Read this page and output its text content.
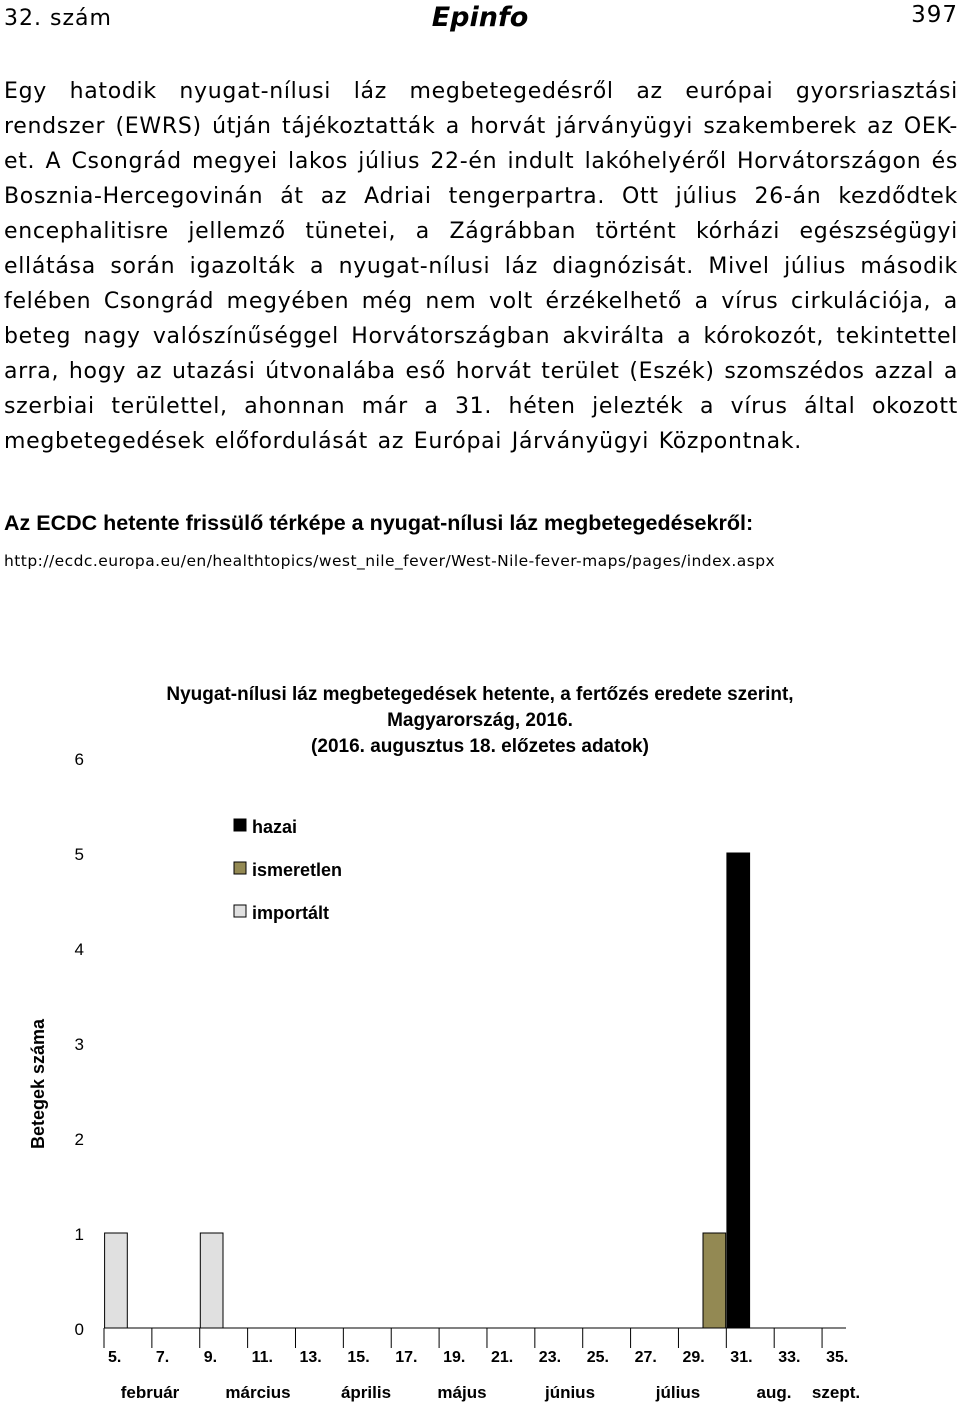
32. szám	Epinfo	397
Egy hatodik nyugat-nílusi láz megbetegedésről az európai gyorsriasztási rendszer (EWRS) útján tájékoztatták a horvát járványügyi szakemberek az OEK-et. A Csongrád megyei lakos július 22-én indult lakóhelyéről Horvátországon és Bosznia-Hercegovinán át az Adriai tengerpartra. Ott július 26-án kezdődtek encephalitisre jellemző tünetei, a Zágrábban történt kórházi egészségügyi ellátása során igazolták a nyugat-nílusi láz diagnózisát. Mivel július második felében Csongrád megyében még nem volt érzékelhető a vírus cirkulációja, a beteg nagy valószínűséggel Horvátországban akvirálta a kórokozót, tekintettel arra, hogy az utazási útvonalába eső horvát terület (Eszék) szomszédos azzal a szerbiai területtel, ahonnan már a 31. héten jelezték a vírus által okozott megbetegedések előfordulását az Európai Járványügyi Központnak.
Az ECDC hetente frissülő térképe a nyugat-nílusi láz megbetegedésekről:
http://ecdc.europa.eu/en/healthtopics/west_nile_fever/West-Nile-fever-maps/pages/index.aspx
Nyugat-nílusi láz megbetegedések hetente, a fertőzés eredete szerint,
Magyarország, 2016.
(2016. augusztus 18. előzetes adatok)
Betegek száma
0
1
2
3
4
5
6
5. 7. 9. 11. 13. 15. 17. 19. 21. 23. 25. 27. 29. 31. 33. 35.
február	március	április	május	június	július	aug. szept.
hazai
ismeretlen
importált
